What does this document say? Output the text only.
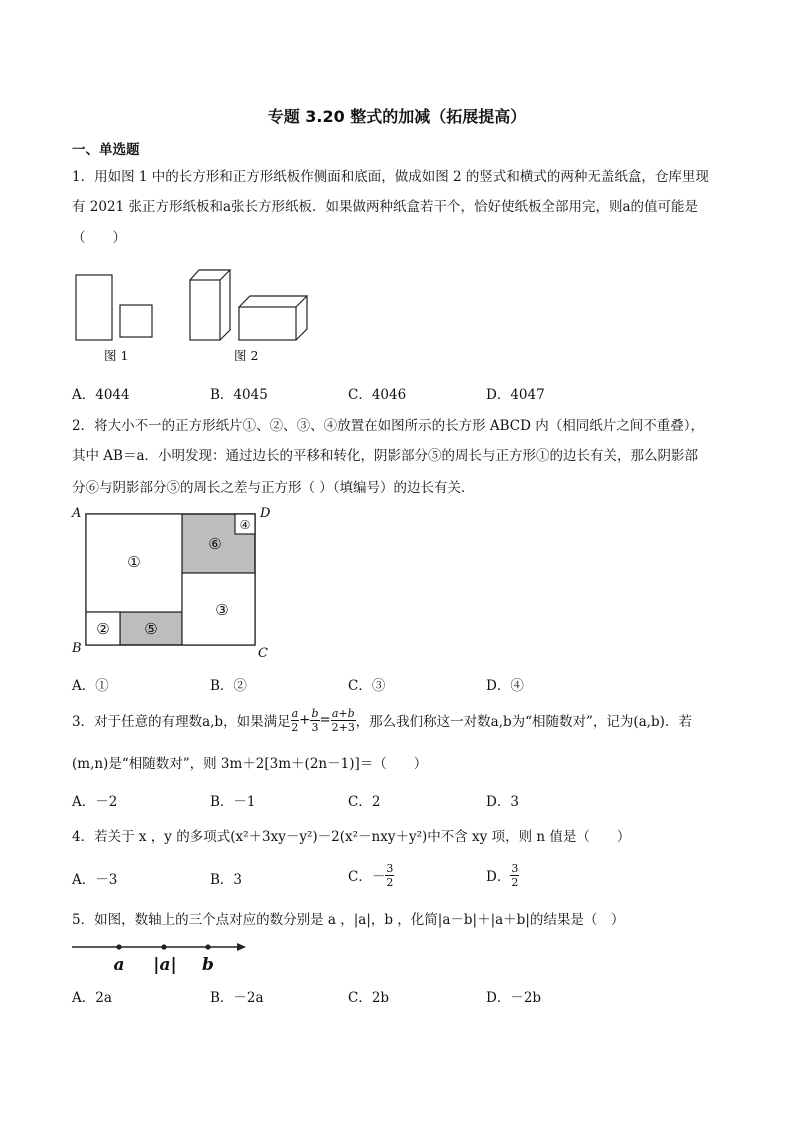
专题 3.20 整式的加减（拓展提高）
一、单选题
1．用如图 1 中的长方形和正方形纸板作侧面和底面，做成如图 2 的竖式和横式的两种无盖纸盒，仓库里现
有 2021 张正方形纸板和a张长方形纸板．如果做两种纸盒若干个，恰好使纸板全部用完，则a的值可能是
（　　）
图 1	图 2
A．4044	B．4045	C．4046	D．4047
2．将大小不一的正方形纸片①、②、③、④放置在如图所示的长方形 ABCD 内（相同纸片之间不重叠），
其中 AB＝a．小明发现：通过边长的平移和转化，阴影部分⑤的周长与正方形①的边长有关，那么阴影部
分⑥与阴影部分⑤的周长之差与正方形（ ）（填编号）的边长有关．
①
⑥
④
③
② ⑤
A
B	C
D
A．①	B．②	C．③	D．④
3．对于任意的有理数a,b，如果满足 $\frac{a}{2} + \frac{b}{3} = \frac{a+b}{2+3}$ ，那么我们称这一对数a,b为“相随数对”，记为(a,b)．若
(m,n)是“相随数对”，则 3m＋2[3m＋(2n－1)]＝（　　）
A．－2	B．－1	C．2	D．3
4．若关于 x ，y 的多项式(x²＋3xy－y²)－2(x²－nxy＋y²)中不含 xy 项，则 n 值是（　　）
A．－3	B．3	C．－ $\frac{3}{2}$	D． $\frac{3}{2}$
5．如图，数轴上的三个点对应的数分别是 a ，|a|，b ，化简|a－b|＋|a＋b|的结果是（　）
a |a| b
A．2a	B．－2a	C．2b	D．－2b
